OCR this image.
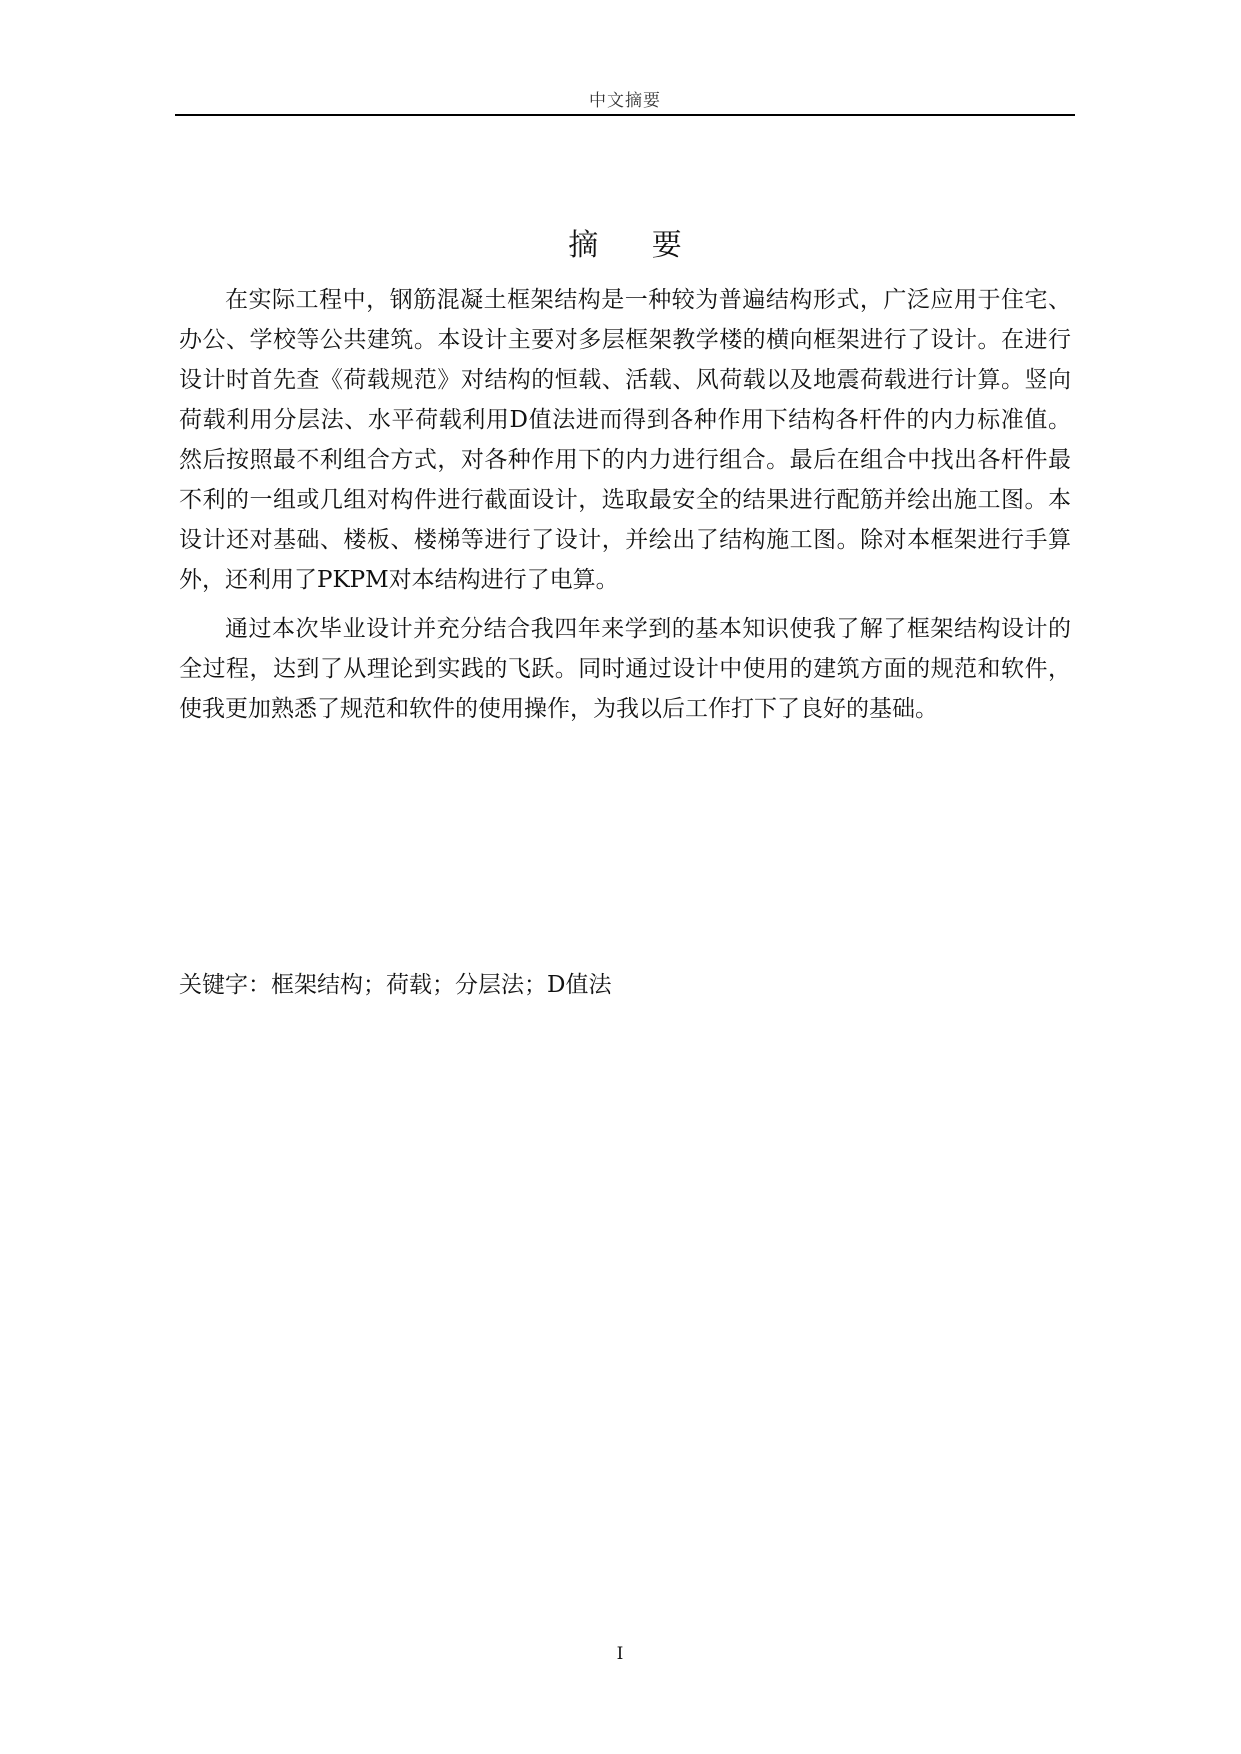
中文摘要
摘 要

在实际工程中，钢筋混凝土框架结构是一种较为普遍结构形式，广泛应用于住宅、办公、学校等公共建筑。本设计主要对多层框架教学楼的横向框架进行了设计。在进行设计时首先查《荷载规范》对结构的恒载、活载、风荷载以及地震荷载进行计算。竖向荷载利用分层法、水平荷载利用D值法进而得到各种作用下结构各杆件的内力标准值。然后按照最不利组合方式，对各种作用下的内力进行组合。最后在组合中找出各杆件最不利的一组或几组对构件进行截面设计，选取最安全的结果进行配筋并绘出施工图。本设计还对基础、楼板、楼梯等进行了设计，并绘出了结构施工图。除对本框架进行手算外，还利用了PKPM对本结构进行了电算。

通过本次毕业设计并充分结合我四年来学到的基本知识使我了解了框架结构设计的全过程，达到了从理论到实践的飞跃。同时通过设计中使用的建筑方面的规范和软件，使我更加熟悉了规范和软件的使用操作，为我以后工作打下了良好的基础。

关键字：框架结构；荷载；分层法；D值法
I
